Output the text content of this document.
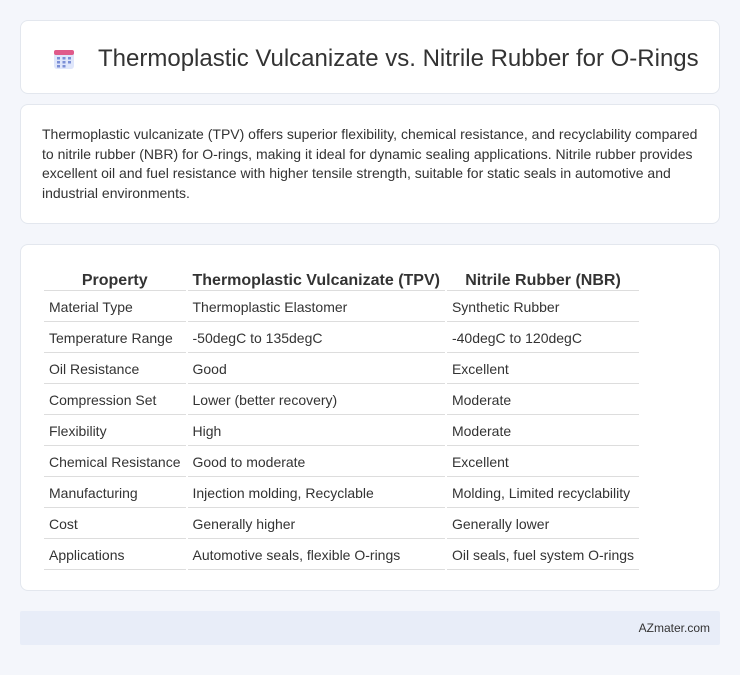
Thermoplastic Vulcanizate vs. Nitrile Rubber for O-Rings

Thermoplastic vulcanizate (TPV) offers superior flexibility, chemical resistance, and recyclability compared to nitrile rubber (NBR) for O-rings, making it ideal for dynamic sealing applications. Nitrile rubber provides excellent oil and fuel resistance with higher tensile strength, suitable for static seals in automotive and industrial environments.

Property	Thermoplastic Vulcanizate (TPV)	Nitrile Rubber (NBR)
Material Type	Thermoplastic Elastomer	Synthetic Rubber
Temperature Range	-50degC to 135degC	-40degC to 120degC
Oil Resistance	Good	Excellent
Compression Set	Lower (better recovery)	Moderate
Flexibility	High	Moderate
Chemical Resistance	Good to moderate	Excellent
Manufacturing	Injection molding, Recyclable	Molding, Limited recyclability
Cost	Generally higher	Generally lower
Applications	Automotive seals, flexible O-rings	Oil seals, fuel system O-rings
AZmater.com
